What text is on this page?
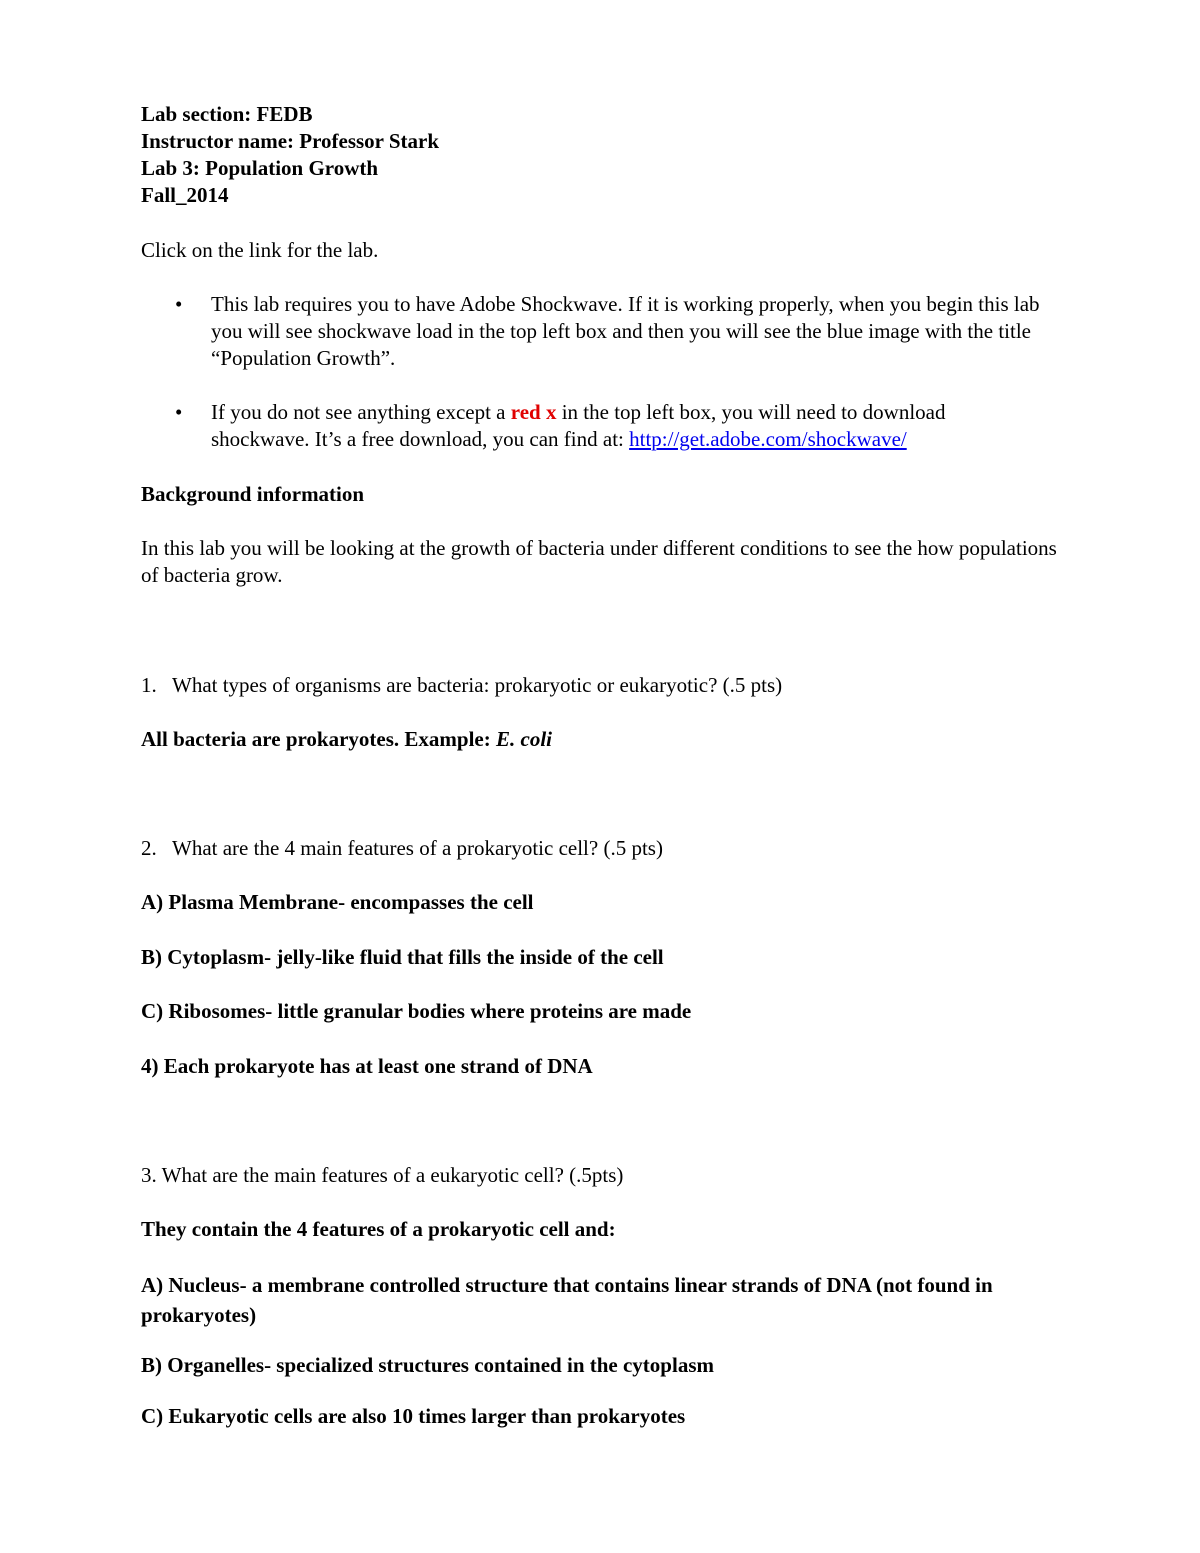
Lab section: FEDB
Instructor name: Professor Stark
Lab 3: Population Growth
Fall_2014
Click on the link for the lab.
• This lab requires you to have Adobe Shockwave. If it is working properly, when you begin this lab you will see shockwave load in the top left box and then you will see the blue image with the title “Population Growth”.
• If you do not see anything except a red x in the top left box, you will need to download shockwave. It’s a free download, you can find at: http://get.adobe.com/shockwave/
Background information
In this lab you will be looking at the growth of bacteria under different conditions to see the how populations of bacteria grow.
1. What types of organisms are bacteria: prokaryotic or eukaryotic? (.5 pts)
All bacteria are prokaryotes. Example: E. coli
2. What are the 4 main features of a prokaryotic cell? (.5 pts)
A) Plasma Membrane- encompasses the cell
B) Cytoplasm- jelly-like fluid that fills the inside of the cell
C) Ribosomes- little granular bodies where proteins are made
4) Each prokaryote has at least one strand of DNA
3. What are the main features of a eukaryotic cell? (.5pts)
They contain the 4 features of a prokaryotic cell and:
A) Nucleus- a membrane controlled structure that contains linear strands of DNA (not found in prokaryotes)
B) Organelles- specialized structures contained in the cytoplasm
C) Eukaryotic cells are also 10 times larger than prokaryotes
